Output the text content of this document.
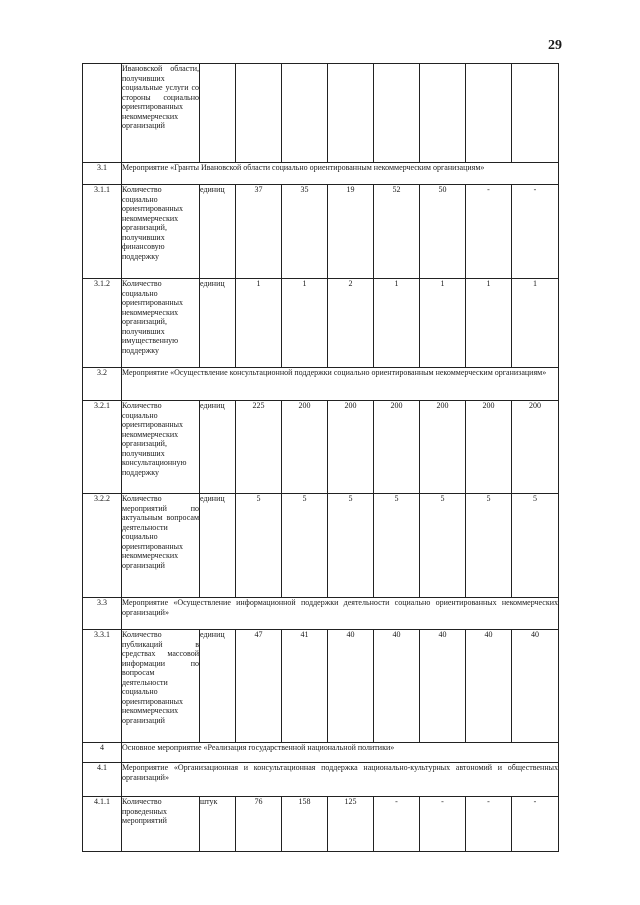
29
	Ивановской области, получивших социальные услуги со стороны социально ориентированных некоммерческих организаций								
3.1	Мероприятие «Гранты Ивановской области социально ориентированным некоммерческим организациям»								
3.1.1	Количество социально ориентированных некоммерческих организаций, получивших финансовую поддержку	единиц	37	35	19	52	50	-	-
3.1.2	Количество социально ориентированных некоммерческих организаций, получивших имущественную поддержку	единиц	1	1	2	1	1	1	1
3.2	Мероприятие «Осуществление консультационной поддержки социально ориентированным некоммерческим организациям»								
3.2.1	Количество социально ориентированных некоммерческих организаций, получивших консультационную поддержку	единиц	225	200	200	200	200	200	200
3.2.2	Количество мероприятий по актуальным вопросам деятельности социально ориентированных некоммерческих организаций	единиц	5	5	5	5	5	5	5
3.3	Мероприятие «Осуществление информационной поддержки деятельности социально ориентированных некоммерческих организаций»								
3.3.1	Количество публикаций в средствах массовой информации по вопросам деятельности социально ориентированных некоммерческих организаций	единиц	47	41	40	40	40	40	40
4	Основное мероприятие «Реализация государственной национальной политики»								
4.1	Мероприятие «Организационная и консультационная поддержка национально-культурных автономий и общественных организаций»								
4.1.1	Количество проведенных мероприятий	штук	76	158	125	-	-	-	-
